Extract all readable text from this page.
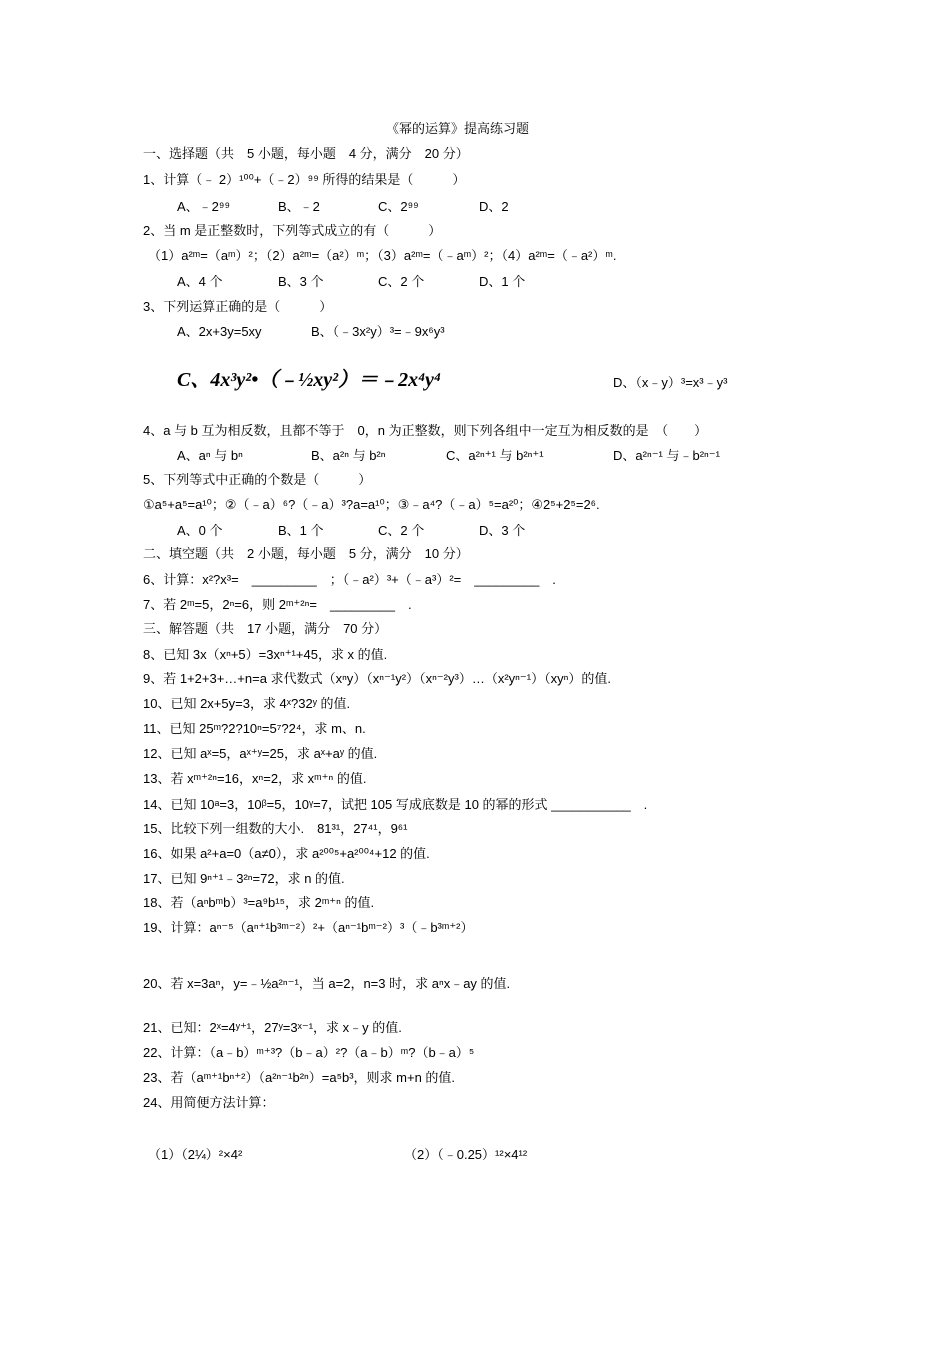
《幂的运算》提高练习题
一、选择题（共　5 小题，每小题　4 分，满分　20 分）
1、计算（﹣ 2）¹⁰⁰+（﹣2）⁹⁹ 所得的结果是（　　　）
A、﹣2⁹⁹	B、﹣2	C、2⁹⁹	D、2
2、当 m 是正整数时，下列等式成立的有（　　　）
（1）a²ᵐ=（aᵐ）²；（2）a²ᵐ=（a²）ᵐ；（3）a²ᵐ=（﹣aᵐ）²；（4）a²ᵐ=（﹣a²）ᵐ.
A、4 个	B、3 个	C、2 个	D、1 个
3、下列运算正确的是（　　　）
A、2x+3y=5xy	B、（﹣3x²y）³=﹣9x⁶y³
C、4x³y²•（﹣½xy²）＝﹣2x⁴y⁴	D、（x﹣y）³=x³﹣y³
4、a 与 b 互为相反数，且都不等于　0，n 为正整数，则下列各组中一定互为相反数的是　（　　）
A、aⁿ 与 bⁿ	B、a²ⁿ 与 b²ⁿ	C、a²ⁿ⁺¹ 与 b²ⁿ⁺¹	D、a²ⁿ⁻¹ 与﹣b²ⁿ⁻¹
5、下列等式中正确的个数是（　　　）
①a⁵+a⁵=a¹⁰；②（﹣a）⁶?（﹣a）³?a=a¹⁰；③﹣a⁴?（﹣a）⁵=a²⁰；④2⁵+2⁵=2⁶.
A、0 个	B、1 个	C、2 个	D、3 个
二、填空题（共　2 小题，每小题　5 分，满分　10 分）
6、计算：x²?x³=　_________　；（﹣a²）³+（﹣a³）²=　_________　.
7、若 2ᵐ=5，2ⁿ=6，则 2ᵐ⁺²ⁿ=　_________　.
三、解答题（共　17 小题，满分　70 分）
8、已知 3x（xⁿ+5）=3xⁿ⁺¹+45，求 x 的值.
9、若 1+2+3+…+n=a 求代数式（xⁿy）（xⁿ⁻¹y²）（xⁿ⁻²y³）…（x²yⁿ⁻¹）（xyⁿ）的值.
10、已知 2x+5y=3，求 4ˣ?32ʸ 的值.
11、已知 25ᵐ?2?10ⁿ=5⁷?2⁴，求 m、n.
12、已知 aˣ=5，aˣ⁺ʸ=25，求 aˣ+aʸ 的值.
13、若 xᵐ⁺²ⁿ=16，xⁿ=2，求 xᵐ⁺ⁿ 的值.
14、已知 10ᵃ=3，10ᵝ=5，10ᵞ=7，试把 105 写成底数是 10 的幂的形式 ___________　.
15、比较下列一组数的大小.　81³¹，27⁴¹，9⁶¹
16、如果 a²+a=0（a≠0），求 a²⁰⁰⁵+a²⁰⁰⁴+12 的值.
17、已知 9ⁿ⁺¹﹣3²ⁿ=72，求 n 的值.
18、若（aⁿbᵐb）³=a⁹b¹⁵，求 2ᵐ⁺ⁿ 的值.
19、计算：aⁿ⁻⁵（aⁿ⁺¹b³ᵐ⁻²）²+（aⁿ⁻¹bᵐ⁻²）³（﹣b³ᵐ⁺²）
20、若 x=3aⁿ，y=﹣½a²ⁿ⁻¹，当 a=2，n=3 时，求 aⁿx﹣ay 的值.
21、已知：2ˣ=4ʸ⁺¹，27ʸ=3ˣ⁻¹，求 x﹣y 的值.
22、计算：（a﹣b）ᵐ⁺³?（b﹣a）²?（a﹣b）ᵐ?（b﹣a）⁵
23、若（aᵐ⁺¹bⁿ⁺²）（a²ⁿ⁻¹b²ⁿ）=a⁵b³，则求 m+n 的值.
24、用简便方法计算：
（1）（2¼）²×4²	（2）（﹣0.25）¹²×4¹²
